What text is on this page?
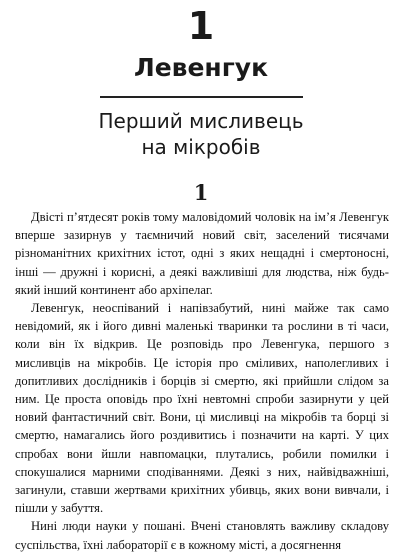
1
Левенгук
Перший мисливець
на мікробів
1

Двісті п’ятдесят років тому маловідомий чоловік на ім’я Левенгук вперше зазирнув у таємничий новий світ, заселений тисячами різноманітних крихітних істот, одні з яких нещадні і смертоносні, інші — дружні і корисні, а деякі важливіші для людства, ніж будь-який інший континент або архіпелаг.

Левенгук, неоспіваний і напівзабутий, нині майже так само невідомий, як і його дивні маленькі тваринки та рослини в ті часи, коли він їх відкрив. Це розповідь про Левенгука, першого з мисливців на мікробів. Це історія про сміливих, наполегливих і допитливих дослідників і борців зі смертю, які прийшли слідом за ним. Це проста оповідь про їхні невтомні спроби зазирнути у цей новий фантастичний світ. Вони, ці мисливці на мікробів та борці зі смертю, намагались його роздивитись і позначити на карті. У цих спробах вони йшли навпомацки, плутались, робили помилки і спокушалися марними сподіваннями. Деякі з них, найвідважніші, загинули, ставши жертвами крихітних убивць, яких вони вивчали, і пішли у забуття.

Нині люди науки у пошані. Вчені становлять важливу складову суспільства, їхні лабораторії є в кожному місті, а досягнення
